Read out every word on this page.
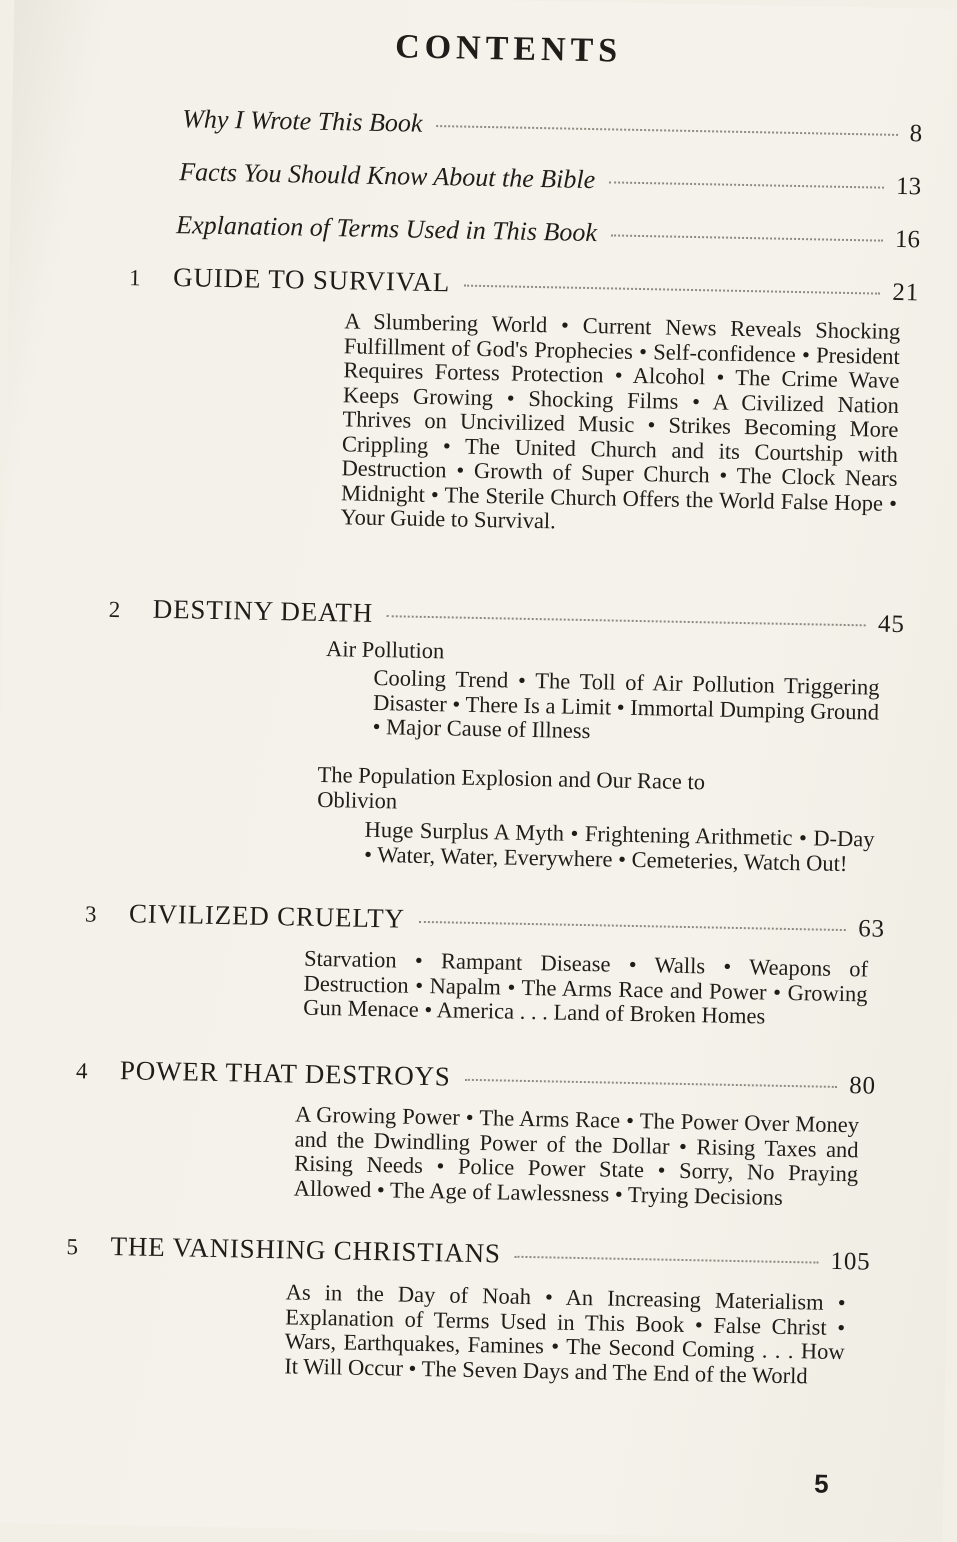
CONTENTS
Why I Wrote This Book	8
Facts You Should Know About the Bible	13
Explanation of Terms Used in This Book	16
1	GUIDE TO SURVIVAL	21
A Slumbering World • Current News Reveals Shocking Fulfillment of God's Prophecies • Self-confidence • President Requires Fortess Protection • Alcohol • The Crime Wave Keeps Growing • Shocking Films • A Civilized Nation Thrives on Uncivilized Music • Strikes Becoming More Crippling • The United Church and its Courtship with Destruction • Growth of Super Church • The Clock Nears Midnight • The Sterile Church Offers the World False Hope • Your Guide to Survival.
2	DESTINY DEATH	45
Air Pollution
Cooling Trend • The Toll of Air Pollution Triggering Disaster • There Is a Limit • Immortal Dumping Ground • Major Cause of Illness
The Population Explosion and Our Race to Oblivion
Huge Surplus A Myth • Frightening Arithmetic • D-Day • Water, Water, Everywhere • Cemeteries, Watch Out!
3	CIVILIZED CRUELTY	63
Starvation • Rampant Disease • Walls • Weapons of Destruction • Napalm • The Arms Race and Power • Growing Gun Menace • America . . . Land of Broken Homes
4	POWER THAT DESTROYS	80
A Growing Power • The Arms Race • The Power Over Money and the Dwindling Power of the Dollar • Rising Taxes and Rising Needs • Police Power State • Sorry, No Praying Allowed • The Age of Lawlessness • Trying Decisions
5	THE VANISHING CHRISTIANS	105
As in the Day of Noah • An Increasing Materialism • Explanation of Terms Used in This Book • False Christ • Wars, Earthquakes, Famines • The Second Coming . . . How It Will Occur • The Seven Days and The End of the World
5
